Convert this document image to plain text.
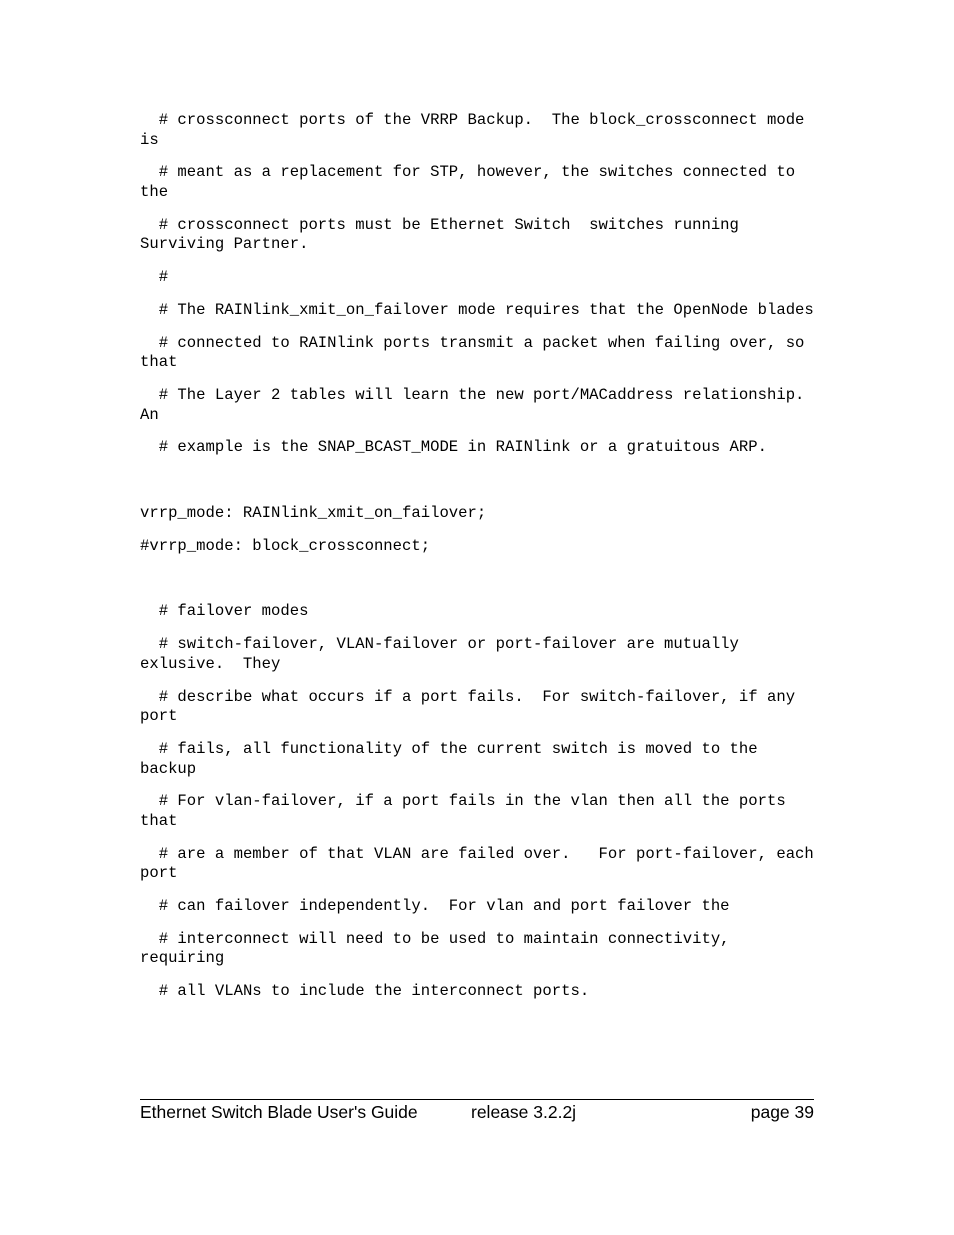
# crossconnect ports of the VRRP Backup.  The block_crossconnect mode is

# meant as a replacement for STP, however, the switches connected to the

# crossconnect ports must be Ethernet Switch  switches running Surviving Partner.

#

# The RAINlink_xmit_on_failover mode requires that the OpenNode blades

# connected to RAINlink ports transmit a packet when failing over, so that

# The Layer 2 tables will learn the new port/MACaddress relationship.  An

# example is the SNAP_BCAST_MODE in RAINlink or a gratuitous ARP.

vrrp_mode: RAINlink_xmit_on_failover;

#vrrp_mode: block_crossconnect;

# failover modes

# switch-failover, VLAN-failover or port-failover are mutually exlusive.  They

# describe what occurs if a port fails.  For switch-failover, if any port

# fails, all functionality of the current switch is moved to the backup

# For vlan-failover, if a port fails in the vlan then all the ports that

# are a member of that VLAN are failed over.   For port-failover, each port

# can failover independently.  For vlan and port failover the

# interconnect will need to be used to maintain connectivity, requiring

# all VLANs to include the interconnect ports.

Ethernet Switch Blade User's Guide	release 3.2.2j	page 39
